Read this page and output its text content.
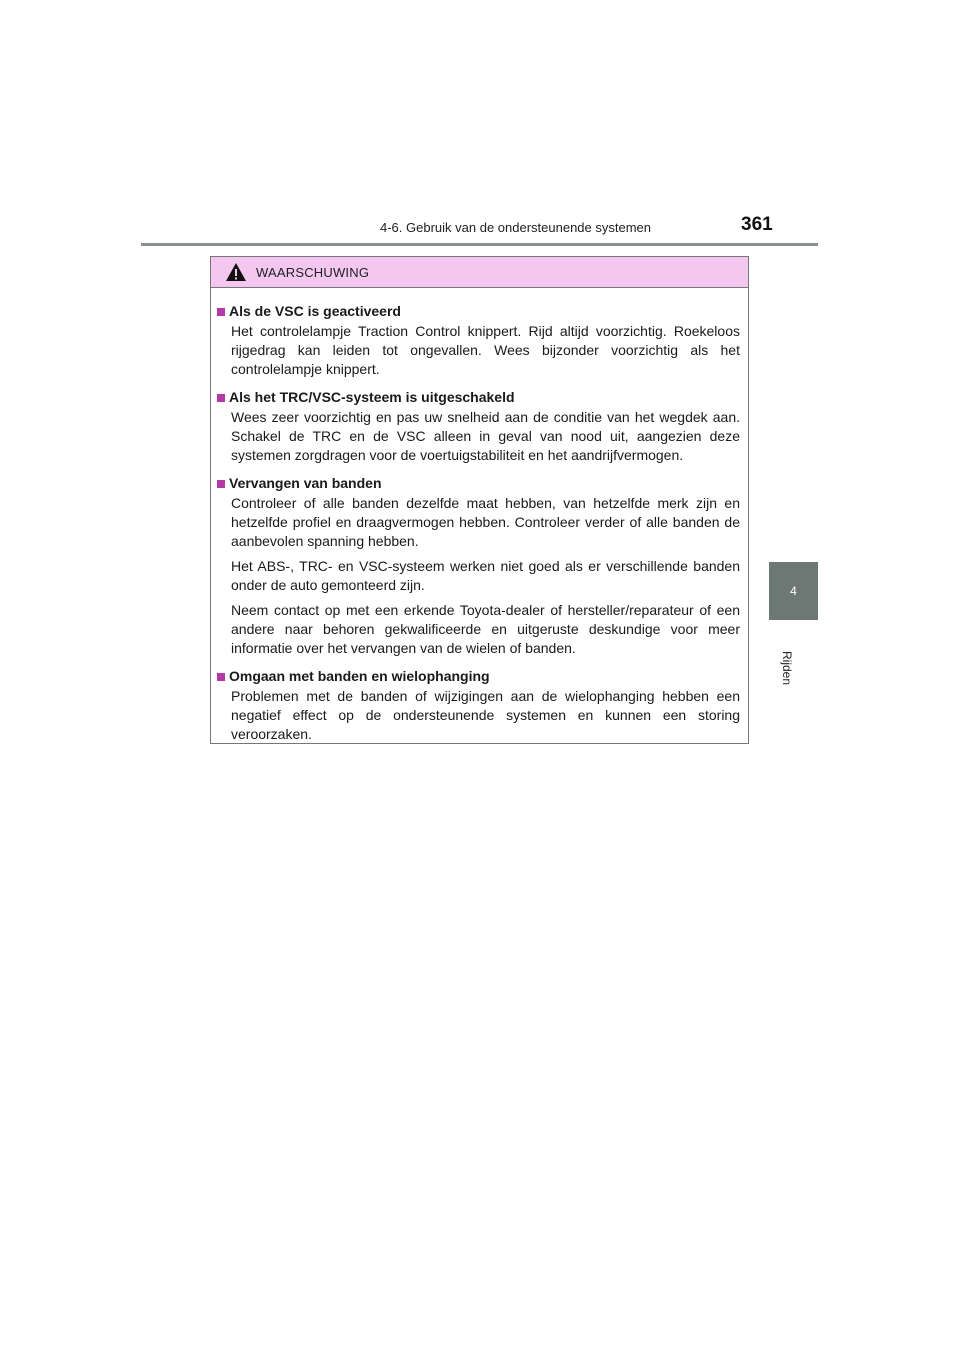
4-6. Gebruik van de ondersteunende systemen	361
4
Rijden
WAARSCHUWING
Als de VSC is geactiveerd
Het controlelampje Traction Control knippert. Rijd altijd voorzichtig. Roekeloos rijgedrag kan leiden tot ongevallen. Wees bijzonder voorzichtig als het controlelampje knippert.
Als het TRC/VSC-systeem is uitgeschakeld
Wees zeer voorzichtig en pas uw snelheid aan de conditie van het wegdek aan. Schakel de TRC en de VSC alleen in geval van nood uit, aangezien deze systemen zorgdragen voor de voertuigstabiliteit en het aandrijfvermogen.
Vervangen van banden
Controleer of alle banden dezelfde maat hebben, van hetzelfde merk zijn en hetzelfde profiel en draagvermogen hebben. Controleer verder of alle banden de aanbevolen spanning hebben.
Het ABS-, TRC- en VSC-systeem werken niet goed als er verschillende banden onder de auto gemonteerd zijn.
Neem contact op met een erkende Toyota-dealer of hersteller/reparateur of een andere naar behoren gekwalificeerde en uitgeruste deskundige voor meer informatie over het vervangen van de wielen of banden.
Omgaan met banden en wielophanging
Problemen met de banden of wijzigingen aan de wielophanging hebben een negatief effect op de ondersteunende systemen en kunnen een storing veroorzaken.
